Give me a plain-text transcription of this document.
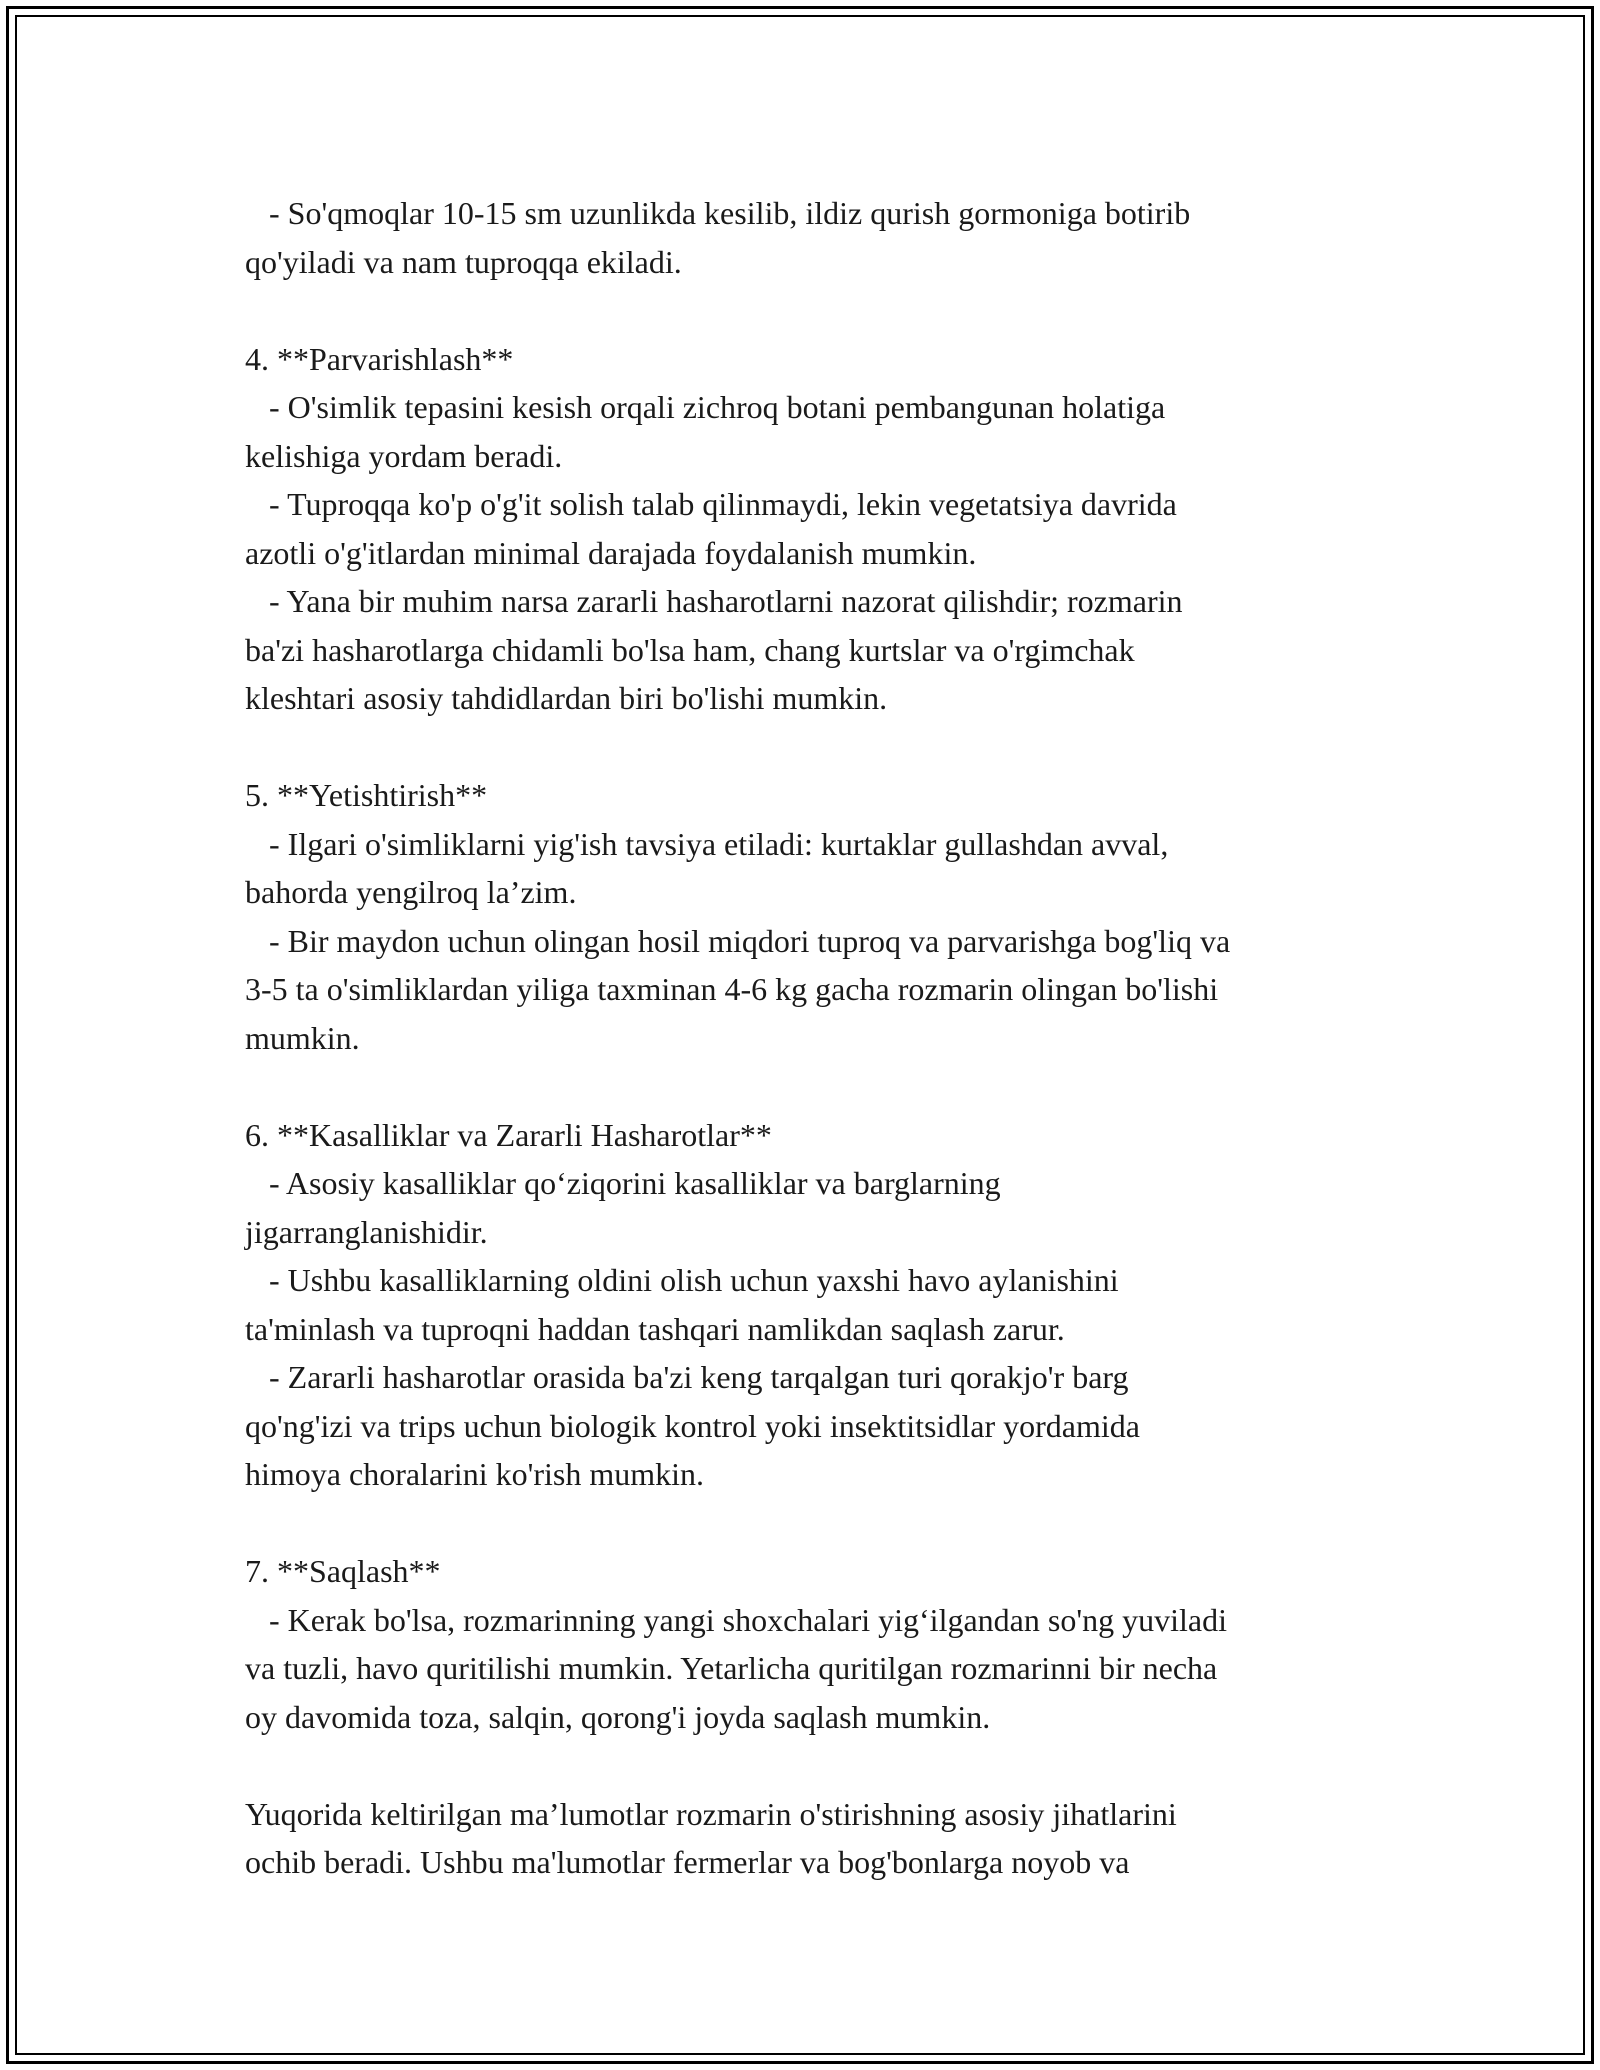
- So'qmoqlar 10-15 sm uzunlikda kesilib, ildiz qurish gormoniga botirib
qo'yiladi va nam tuproqqa ekiladi.
4. **Parvarishlash**
- O'simlik tepasini kesish orqali zichroq botani pembangunan holatiga
kelishiga yordam beradi.
- Tuproqqa ko'p o'g'it solish talab qilinmaydi, lekin vegetatsiya davrida
azotli o'g'itlardan minimal darajada foydalanish mumkin.
- Yana bir muhim narsa zararli hasharotlarni nazorat qilishdir; rozmarin
ba'zi hasharotlarga chidamli bo'lsa ham, chang kurtslar va o'rgimchak
kleshtari asosiy tahdidlardan biri bo'lishi mumkin.
5. **Yetishtirish**
- Ilgari o'simliklarni yig'ish tavsiya etiladi: kurtaklar gullashdan avval,
bahorda yengilroq la’zim.
- Bir maydon uchun olingan hosil miqdori tuproq va parvarishga bog'liq va
3-5 ta o'simliklardan yiliga taxminan 4-6 kg gacha rozmarin olingan bo'lishi
mumkin.
6. **Kasalliklar va Zararli Hasharotlar**
- Asosiy kasalliklar qo‘ziqorini kasalliklar va barglarning
jigarranglanishidir.
- Ushbu kasalliklarning oldini olish uchun yaxshi havo aylanishini
ta'minlash va tuproqni haddan tashqari namlikdan saqlash zarur.
- Zararli hasharotlar orasida ba'zi keng tarqalgan turi qorakjo'r barg
qo'ng'izi va trips uchun biologik kontrol yoki insektitsidlar yordamida
himoya choralarini ko'rish mumkin.
7. **Saqlash**
- Kerak bo'lsa, rozmarinning yangi shoxchalari yig‘ilgandan so'ng yuviladi
va tuzli, havo quritilishi mumkin. Yetarlicha quritilgan rozmarinni bir necha
oy davomida toza, salqin, qorong'i joyda saqlash mumkin.
Yuqorida keltirilgan ma’lumotlar rozmarin o'stirishning asosiy jihatlarini
ochib beradi. Ushbu ma'lumotlar fermerlar va bog'bonlarga noyob va
